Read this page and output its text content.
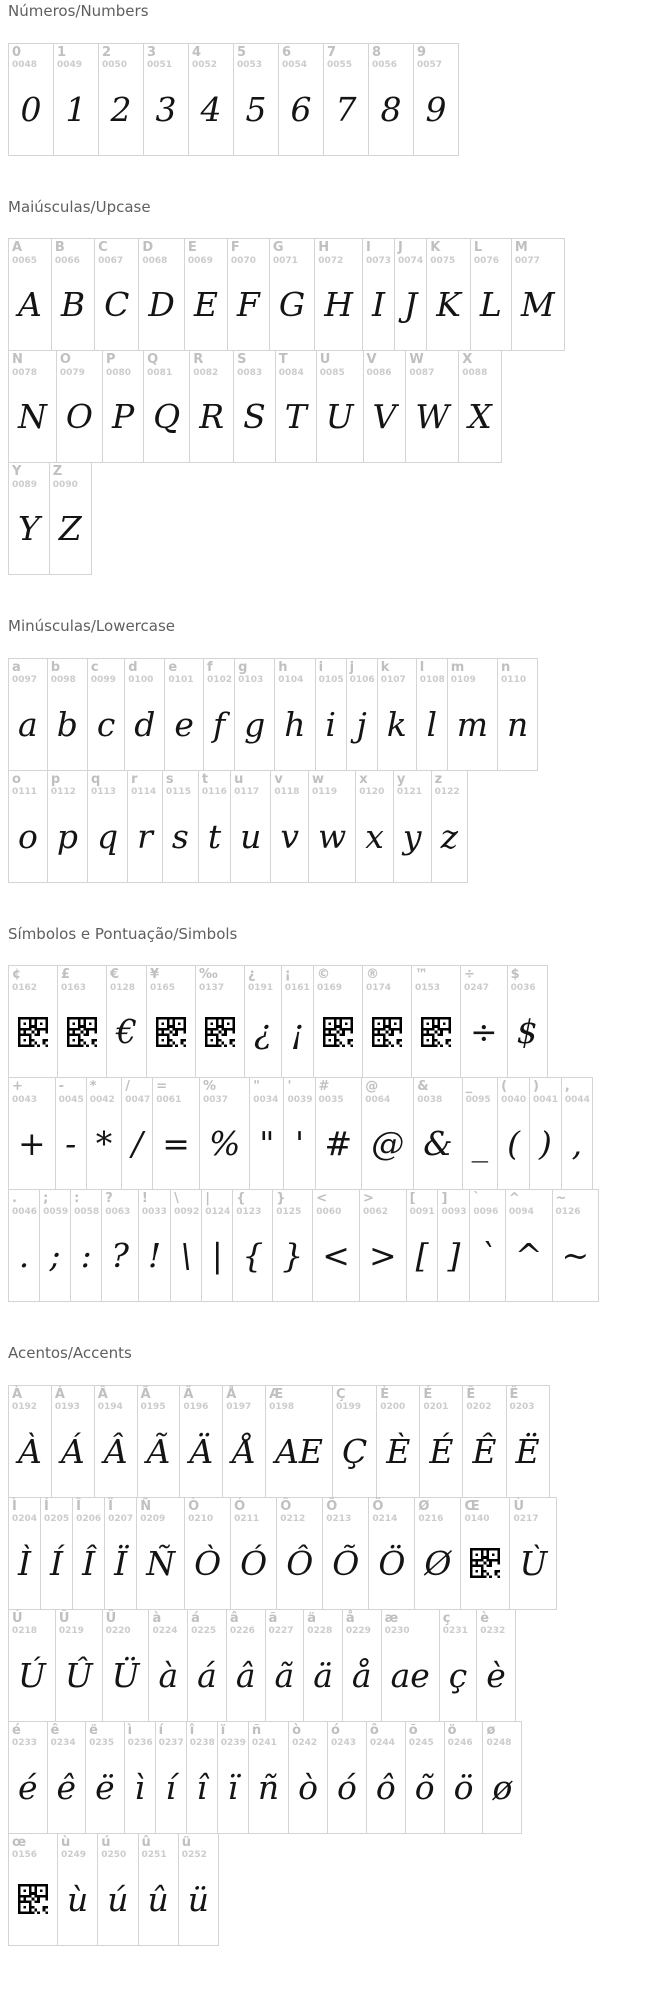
Números/Numbers
0
0048
0
1
0049
1
2
0050
2
3
0051
3
4
0052
4
5
0053
5
6
0054
6
7
0055
7
8
0056
8
9
0057
9
Maiúsculas/Upcase
A
0065
A
B
0066
B
C
0067
C
D
0068
D
E
0069
E
F
0070
F
G
0071
G
H
0072
H
I
0073
I
J
0074
J
K
0075
K
L
0076
L
M
0077
M
N
0078
N
O
0079
O
P
0080
P
Q
0081
Q
R
0082
R
S
0083
S
T
0084
T
U
0085
U
V
0086
V
W
0087
W
X
0088
X
Y
0089
Y
Z
0090
Z
Minúsculas/Lowercase
a
0097
a
b
0098
b
c
0099
c
d
0100
d
e
0101
e
f
0102
f
g
0103
g
h
0104
h
i
0105
i
j
0106
j
k
0107
k
l
0108
l
m
0109
m
n
0110
n
o
0111
o
p
0112
p
q
0113
q
r
0114
r
s
0115
s
t
0116
t
u
0117
u
v
0118
v
w
0119
w
x
0120
x
y
0121
y
z
0122
z
Símbolos e Pontuação/Simbols
¢
0162
£
0163
€
0128
€
¥
0165
‰
0137
¿
0191
¿
¡
0161
¡
©
0169
®
0174
™
0153
÷
0247
÷
$
0036
$
+
0043
+
-
0045
-
*
0042
*
/
0047
/
=
0061
=
%
0037
%
"
0034
"
'
0039
'
#
0035
#
@
0064
@
&
0038
&
_
0095
_
(
0040
(
)
0041
)
,
0044
,
.
0046
.
;
0059
;
:
0058
:
?
0063
?
!
0033
!
\
0092
\
|
0124
|
{
0123
{
}
0125
}
<
0060
<
>
0062
>
[
0091
[
]
0093
]
`
0096
`
^
0094
^
~
0126
~
Acentos/Accents
À
0192
À
Á
0193
Á
Â
0194
Â
Ã
0195
Ã
Ä
0196
Ä
Å
0197
Å
Æ
0198
AE
Ç
0199
Ç
È
0200
È
É
0201
É
Ê
0202
Ê
Ë
0203
Ë
Ì
0204
Ì
Í
0205
Í
Î
0206
Î
Ï
0207
Ï
Ñ
0209
Ñ
Ò
0210
Ò
Ó
0211
Ó
Ô
0212
Ô
Õ
0213
Õ
Ö
0214
Ö
Ø
0216
Ø
Œ
0140
Ù
0217
Ù
Ú
0218
Ú
Û
0219
Û
Ü
0220
Ü
à
0224
à
á
0225
á
â
0226
â
ã
0227
ã
ä
0228
ä
å
0229
å
æ
0230
ae
ç
0231
ç
è
0232
è
é
0233
é
ê
0234
ê
ë
0235
ë
ì
0236
ì
í
0237
í
î
0238
î
ï
0239
ï
ñ
0241
ñ
ò
0242
ò
ó
0243
ó
ô
0244
ô
õ
0245
õ
ö
0246
ö
ø
0248
ø
œ
0156
ù
0249
ù
ú
0250
ú
û
0251
û
ü
0252
ü
